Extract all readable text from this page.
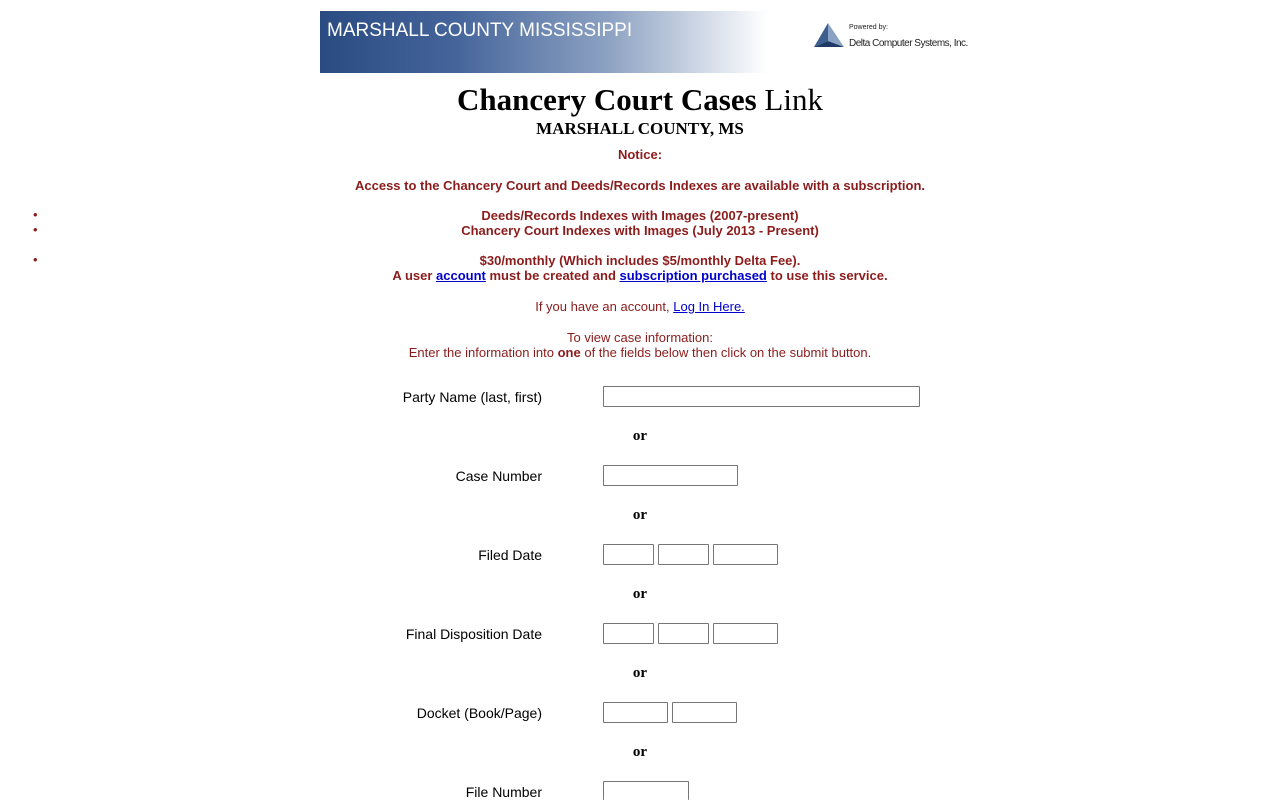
MARSHALL COUNTY MISSISSIPPI	Powered by:
Delta Computer Systems, Inc.
Chancery Court Cases Link
MARSHALL COUNTY, MS
Notice:
Access to the Chancery Court and Deeds/Records Indexes are available with a subscription.
•	Deeds/Records Indexes with Images (2007-present)
•	Chancery Court Indexes with Images (July 2013 - Present)
•	$30/monthly (Which includes $5/monthly Delta Fee).
A user account must be created and subscription purchased to use this service.
If you have an account, Log In Here.
To view case information:
Enter the information into one of the fields below then click on the submit button.
Party Name (last, first)
or
Case Number
or
Filed Date
or
Final Disposition Date
or
Docket (Book/Page)
or
File Number
